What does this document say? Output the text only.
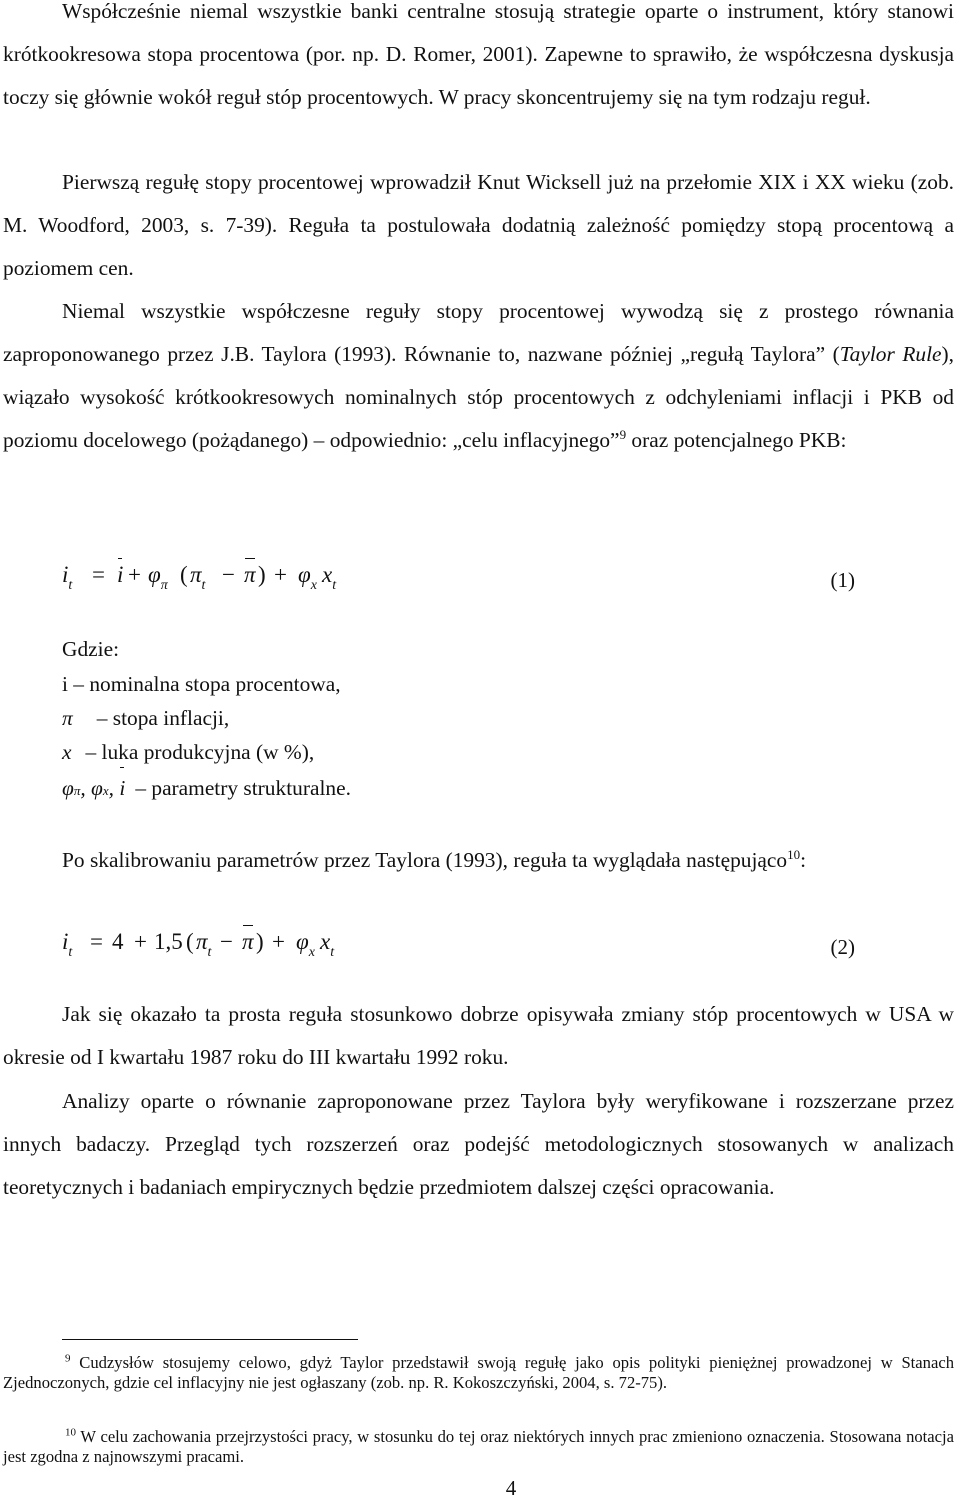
Współcześnie niemal wszystkie banki centralne stosują strategie oparte o instrument, który stanowi krótkookresowa stopa procentowa (por. np. D. Romer, 2001). Zapewne to sprawiło, że współczesna dyskusja toczy się głównie wokół reguł stóp procentowych. W pracy skoncentrujemy się na tym rodzaju reguł.

Pierwszą regułę stopy procentowej wprowadził Knut Wicksell już na przełomie XIX i XX wieku (zob. M. Woodford, 2003, s. 7-39). Reguła ta postulowała dodatnią zależność pomiędzy stopą procentową a poziomem cen.

Niemal wszystkie współczesne reguły stopy procentowej wywodzą się z prostego równania zaproponowanego przez J.B. Taylora (1993). Równanie to, nazwane później „regułą Taylora” (Taylor Rule), wiązało wysokość krótkookresowych nominalnych stóp procentowych z odchyleniami inflacji i PKB od poziomu docelowego (pożądanego) – odpowiednio: „celu inflacyjnego”$^9$ oraz potencjalnego PKB:

$i_t = i + \varphi_\pi$ ( $\pi_t - \pi$ ) + $\varphi_x$ $x_t$	(1)
Gdzie:
i – nominalna stopa procentowa,
π – stopa inflacji,
x – luka produkcyjna (w %),
φπ, φx, i – parametry strukturalne.

Po skalibrowaniu parametrów przez Taylora (1993), reguła ta wyglądała następująco$^{10}$:

$i_t = 4 + 1,5$ ( $\pi_t - \pi$ ) + $\varphi_x$ $x_t$	(2)

Jak się okazało ta prosta reguła stosunkowo dobrze opisywała zmiany stóp procentowych w USA w okresie od I kwartału 1987 roku do III kwartału 1992 roku.

Analizy oparte o równanie zaproponowane przez Taylora były weryfikowane i rozszerzane przez innych badaczy. Przegląd tych rozszerzeń oraz podejść metodologicznych stosowanych w analizach teoretycznych i badaniach empirycznych będzie przedmiotem dalszej części opracowania.

$^9$ Cudzysłów stosujemy celowo, gdyż Taylor przedstawił swoją regułę jako opis polityki pieniężnej prowadzonej w Stanach Zjednoczonych, gdzie cel inflacyjny nie jest ogłaszany (zob. np. R. Kokoszczyński, 2004, s. 72-75).

$^{10}$ W celu zachowania przejrzystości pracy, w stosunku do tej oraz niektórych innych prac zmieniono oznaczenia. Stosowana notacja jest zgodna z najnowszymi pracami.

4
